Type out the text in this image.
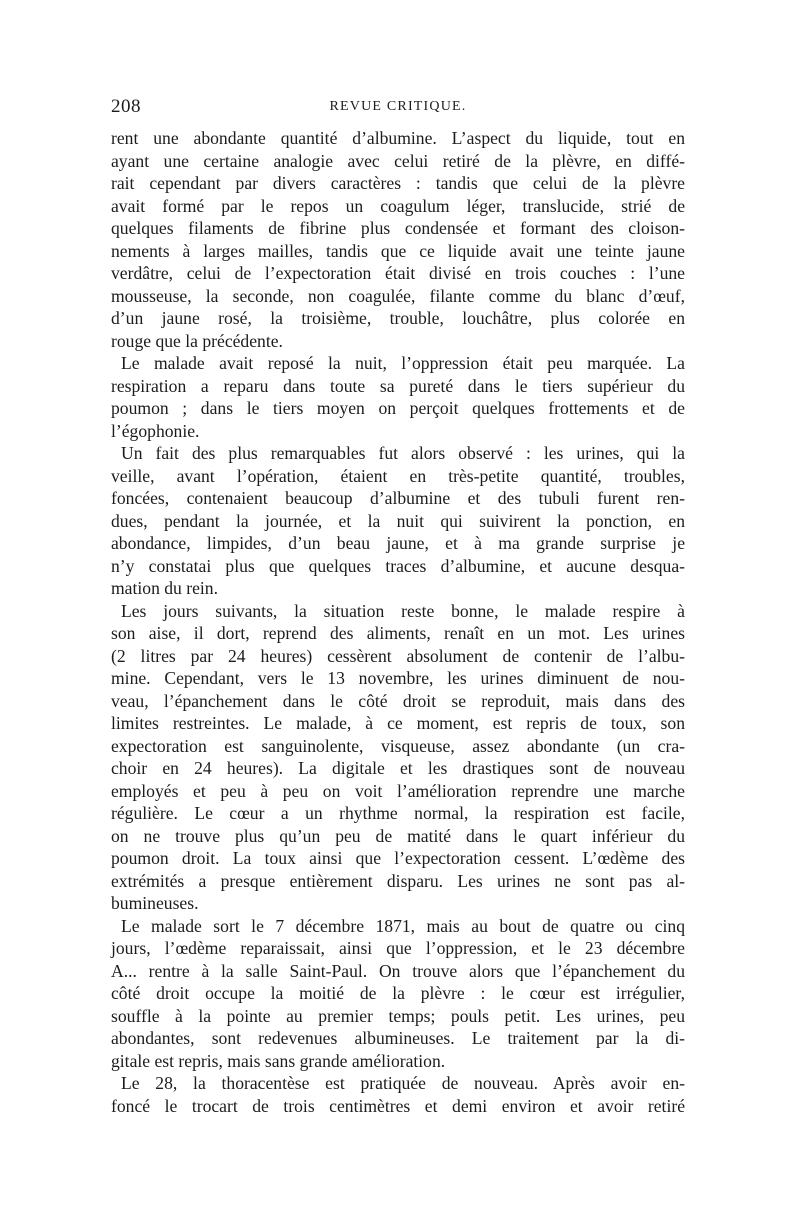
208	REVUE CRITIQUE.
rent une abondante quantité d’albumine. L’aspect du liquide, tout en
ayant une certaine analogie avec celui retiré de la plèvre, en diffé-
rait cependant par divers caractères : tandis que celui de la plèvre
avait formé par le repos un coagulum léger, translucide, strié de
quelques filaments de fibrine plus condensée et formant des cloison-
nements à larges mailles, tandis que ce liquide avait une teinte jaune
verdâtre, celui de l’expectoration était divisé en trois couches : l’une
mousseuse, la seconde, non coagulée, filante comme du blanc d’œuf,
d’un jaune rosé, la troisième, trouble, louchâtre, plus colorée en
rouge que la précédente.
Le malade avait reposé la nuit, l’oppression était peu marquée. La
respiration a reparu dans toute sa pureté dans le tiers supérieur du
poumon ; dans le tiers moyen on perçoit quelques frottements et de
l’égophonie.
Un fait des plus remarquables fut alors observé : les urines, qui la
veille, avant l’opération, étaient en très-petite quantité, troubles,
foncées, contenaient beaucoup d’albumine et des tubuli furent ren-
dues, pendant la journée, et la nuit qui suivirent la ponction, en
abondance, limpides, d’un beau jaune, et à ma grande surprise je
n’y constatai plus que quelques traces d’albumine, et aucune desqua-
mation du rein.
Les jours suivants, la situation reste bonne, le malade respire à
son aise, il dort, reprend des aliments, renaît en un mot. Les urines
(2 litres par 24 heures) cessèrent absolument de contenir de l’albu-
mine. Cependant, vers le 13 novembre, les urines diminuent de nou-
veau, l’épanchement dans le côté droit se reproduit, mais dans des
limites restreintes. Le malade, à ce moment, est repris de toux, son
expectoration est sanguinolente, visqueuse, assez abondante (un cra-
choir en 24 heures). La digitale et les drastiques sont de nouveau
employés et peu à peu on voit l’amélioration reprendre une marche
régulière. Le cœur a un rhythme normal, la respiration est facile,
on ne trouve plus qu’un peu de matité dans le quart inférieur du
poumon droit. La toux ainsi que l’expectoration cessent. L’œdème des
extrémités a presque entièrement disparu. Les urines ne sont pas al-
bumineuses.
Le malade sort le 7 décembre 1871, mais au bout de quatre ou cinq
jours, l’œdème reparaissait, ainsi que l’oppression, et le 23 décembre
A... rentre à la salle Saint-Paul. On trouve alors que l’épanchement du
côté droit occupe la moitié de la plèvre : le cœur est irrégulier,
souffle à la pointe au premier temps; pouls petit. Les urines, peu
abondantes, sont redevenues albumineuses. Le traitement par la di-
gitale est repris, mais sans grande amélioration.
Le 28, la thoracentèse est pratiquée de nouveau. Après avoir en-
foncé le trocart de trois centimètres et demi environ et avoir retiré
